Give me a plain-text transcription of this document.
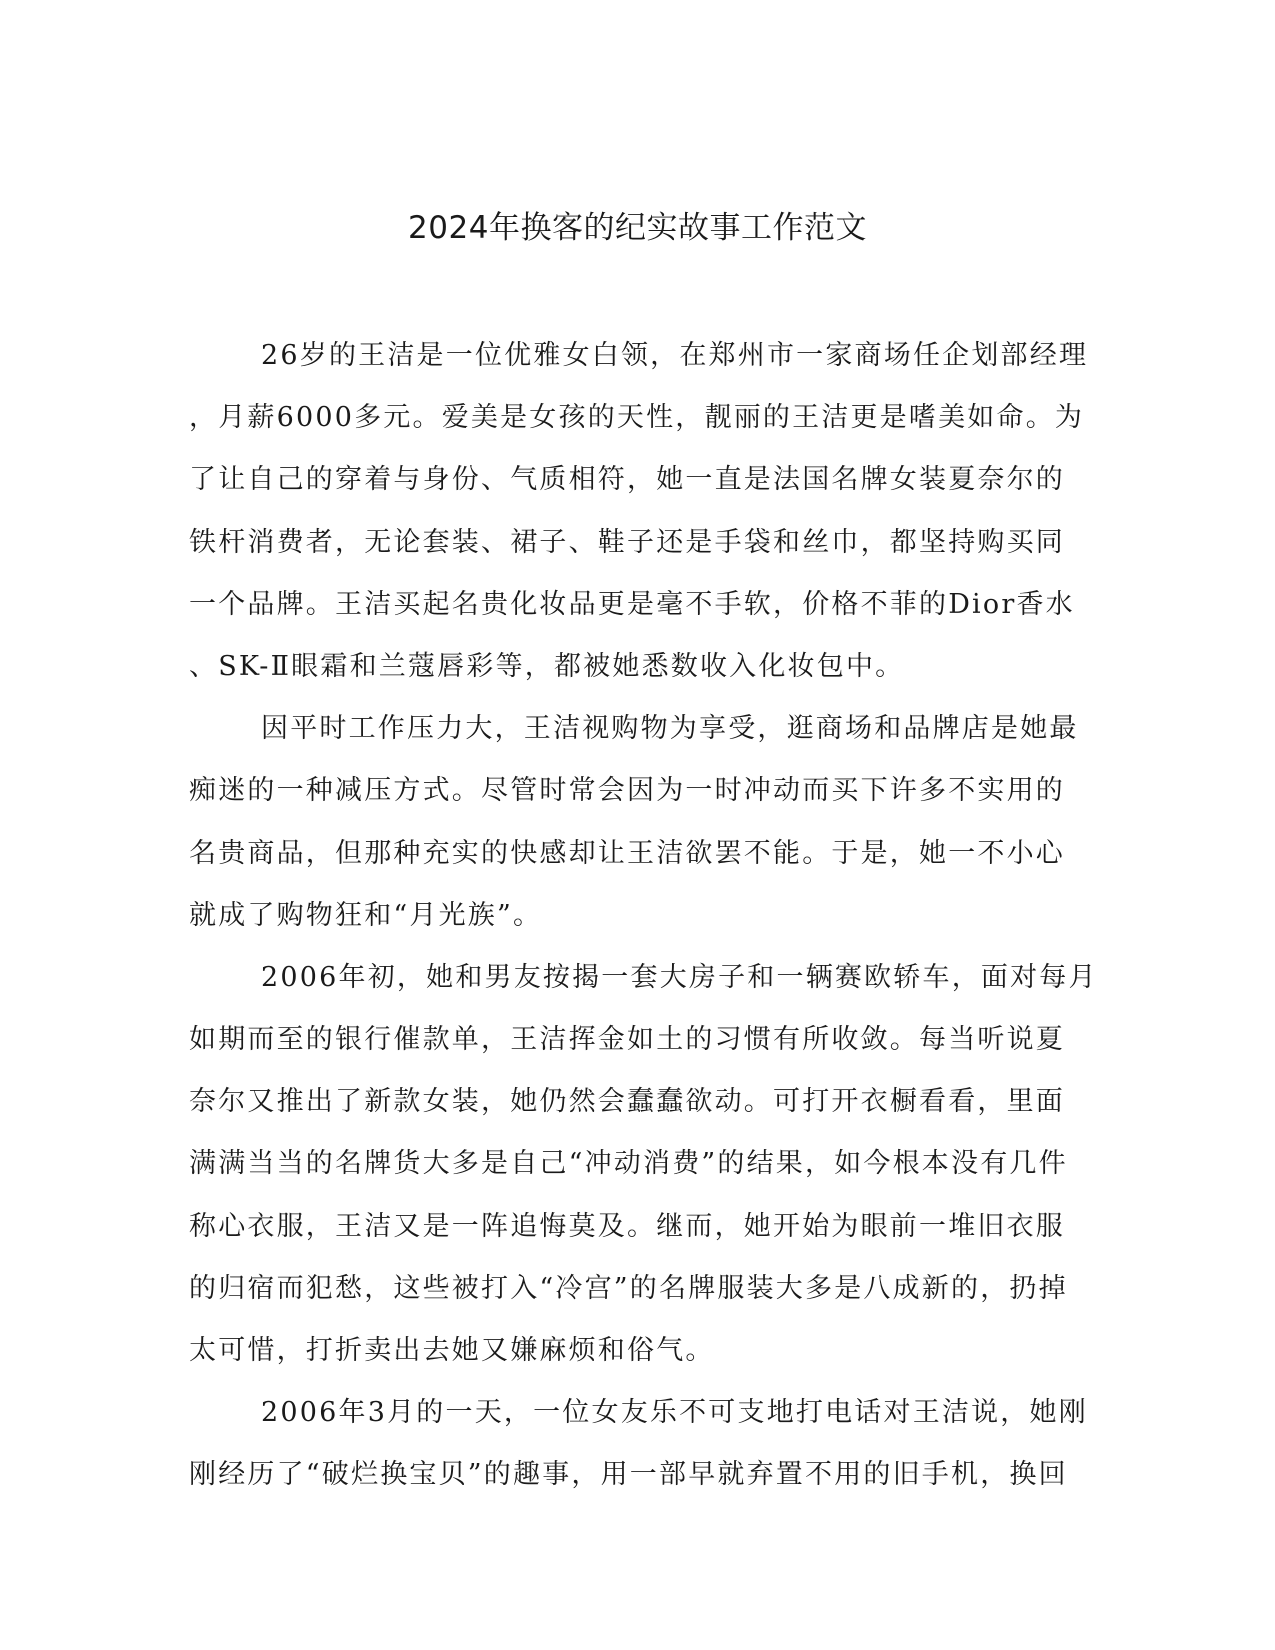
2024年换客的纪实故事工作范文
26岁的王洁是一位优雅女白领，在郑州市一家商场任企划部经理
，月薪6000多元。爱美是女孩的天性，靓丽的王洁更是嗜美如命。为
了让自己的穿着与身份、气质相符，她一直是法国名牌女装夏奈尔的
铁杆消费者，无论套装、裙子、鞋子还是手袋和丝巾，都坚持购买同
一个品牌。王洁买起名贵化妆品更是毫不手软，价格不菲的Dior香水
、SK-Ⅱ眼霜和兰蔻唇彩等，都被她悉数收入化妆包中。
因平时工作压力大，王洁视购物为享受，逛商场和品牌店是她最
痴迷的一种减压方式。尽管时常会因为一时冲动而买下许多不实用的
名贵商品，但那种充实的快感却让王洁欲罢不能。于是，她一不小心
就成了购物狂和“月光族”。
2006年初，她和男友按揭一套大房子和一辆赛欧轿车，面对每月
如期而至的银行催款单，王洁挥金如土的习惯有所收敛。每当听说夏
奈尔又推出了新款女装，她仍然会蠢蠢欲动。可打开衣橱看看，里面
满满当当的名牌货大多是自己“冲动消费”的结果，如今根本没有几件
称心衣服，王洁又是一阵追悔莫及。继而，她开始为眼前一堆旧衣服
的归宿而犯愁，这些被打入“冷宫”的名牌服装大多是八成新的，扔掉
太可惜，打折卖出去她又嫌麻烦和俗气。
2006年3月的一天，一位女友乐不可支地打电话对王洁说，她刚
刚经历了“破烂换宝贝”的趣事，用一部早就弃置不用的旧手机，换回
